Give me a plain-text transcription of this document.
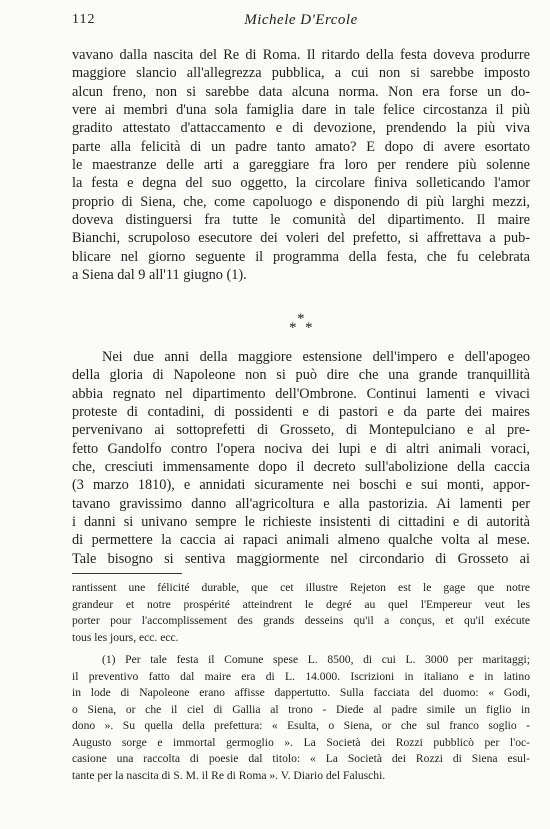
112	Michele D'Ercole
vavano dalla nascita del Re di Roma. Il ritardo della festa doveva produrre
maggiore slancio all'allegrezza pubblica, a cui non si sarebbe imposto
alcun freno, non si sarebbe data alcuna norma. Non era forse un do-
vere ai membri d'una sola famiglia dare in tale felice circostanza il più
gradito attestato d'attaccamento e di devozione, prendendo la più viva
parte alla felicità di un padre tanto amato? E dopo di avere esortato
le maestranze delle arti a gareggiare fra loro per rendere più solenne
la festa e degna del suo oggetto, la circolare finiva solleticando l'amor
proprio di Siena, che, come capoluogo e disponendo di più larghi mezzi,
doveva distinguersi fra tutte le comunità del dipartimento. Il maire
Bianchi, scrupoloso esecutore dei voleri del prefetto, si affrettava a pub-
blicare nel giorno seguente il programma della festa, che fu celebrata
a Siena dal 9 all'11 giugno (1).
*
* *
Nei due anni della maggiore estensione dell'impero e dell'apogeo
della gloria di Napoleone non si può dire che una grande tranquillità
abbia regnato nel dipartimento dell'Ombrone. Continui lamenti e vivaci
proteste di contadini, di possidenti e di pastori e da parte dei maires
pervenivano ai sottoprefetti di Grosseto, di Montepulciano e al pre-
fetto Gandolfo contro l'opera nociva dei lupi e di altri animali voraci,
che, cresciuti immensamente dopo il decreto sull'abolizione della caccia
(3 marzo 1810), e annidati sicuramente nei boschi e sui monti, appor-
tavano gravissimo danno all'agricoltura e alla pastorizia. Ai lamenti per
i danni si univano sempre le richieste insistenti di cittadini e di autorità
di permettere la caccia ai rapaci animali almeno qualche volta al mese.
Tale bisogno si sentiva maggiormente nel circondario di Grosseto ai
rantissent une félicité durable, que cet illustre Rejeton est le gage que notre
grandeur et notre prospérité atteindrent le degré au quel l'Empereur veut les
porter pour l'accomplissement des grands desseins qu'il a conçus, et qu'il exécute
tous les jours, ecc. ecc.
(1) Per tale festa il Comune spese L. 8500, di cui L. 3000 per maritaggi;
il preventivo fatto dal maire era di L. 14.000. Iscrizioni in italiano e in latino
in lode di Napoleone erano affisse dappertutto. Sulla facciata del duomo: « Godi,
o Siena, or che il ciel di Gallia al trono - Diede al padre simile un figlio in
dono ». Su quella della prefettura: « Esulta, o Siena, or che sul franco soglio -
Augusto sorge e immortal germoglio ». La Società dei Rozzi pubblicò per l'oc-
casione una raccolta di poesie dal titolo: « La Società dei Rozzi di Siena esul-
tante per la nascita di S. M. il Re di Roma ». V. Diario del Faluschi.
